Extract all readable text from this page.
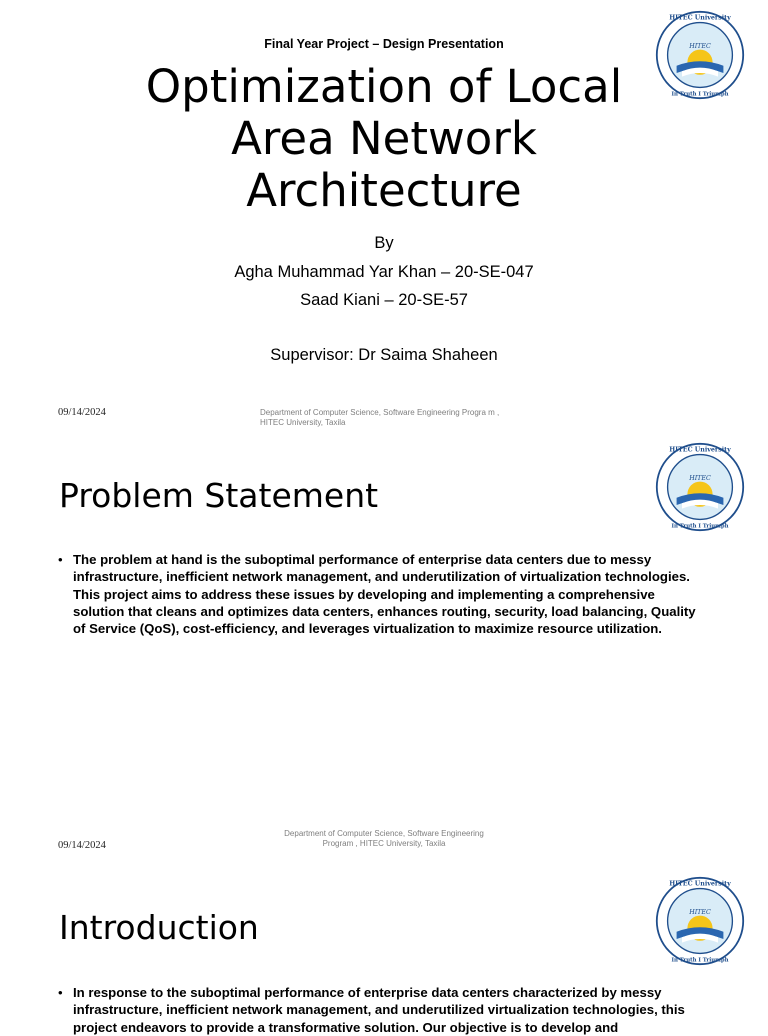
HITEC
HITEC University
In Truth I Triumph
Final Year Project – Design Presentation
Optimization of Local Area Network Architecture
By
Agha Muhammad Yar Khan – 20-SE-047
Saad Kiani – 20-SE-57
Supervisor: Dr Saima Shaheen
09/14/2024	Department of Computer Science, Software Engineering Progra m , HITEC University, Taxila
HITEC
HITEC University
In Truth I Triumph
Problem Statement
• The problem at hand is the suboptimal performance of enterprise data centers due to messy infrastructure, inefficient network management, and underutilization of virtualization technologies. This project aims to address these issues by developing and implementing a comprehensive solution that cleans and optimizes data centers, enhances routing, security, load balancing, Quality of Service (QoS), cost-efficiency, and leverages virtualization to maximize resource utilization.
09/14/2024
Department of Computer Science, Software Engineering Program , HITEC University, Taxila
HITEC
HITEC University
In Truth I Triumph
Introduction
• In response to the suboptimal performance of enterprise data centers characterized by messy infrastructure, inefficient network management, and underutilized virtualization technologies, this project endeavors to provide a transformative solution. Our objective is to develop and
